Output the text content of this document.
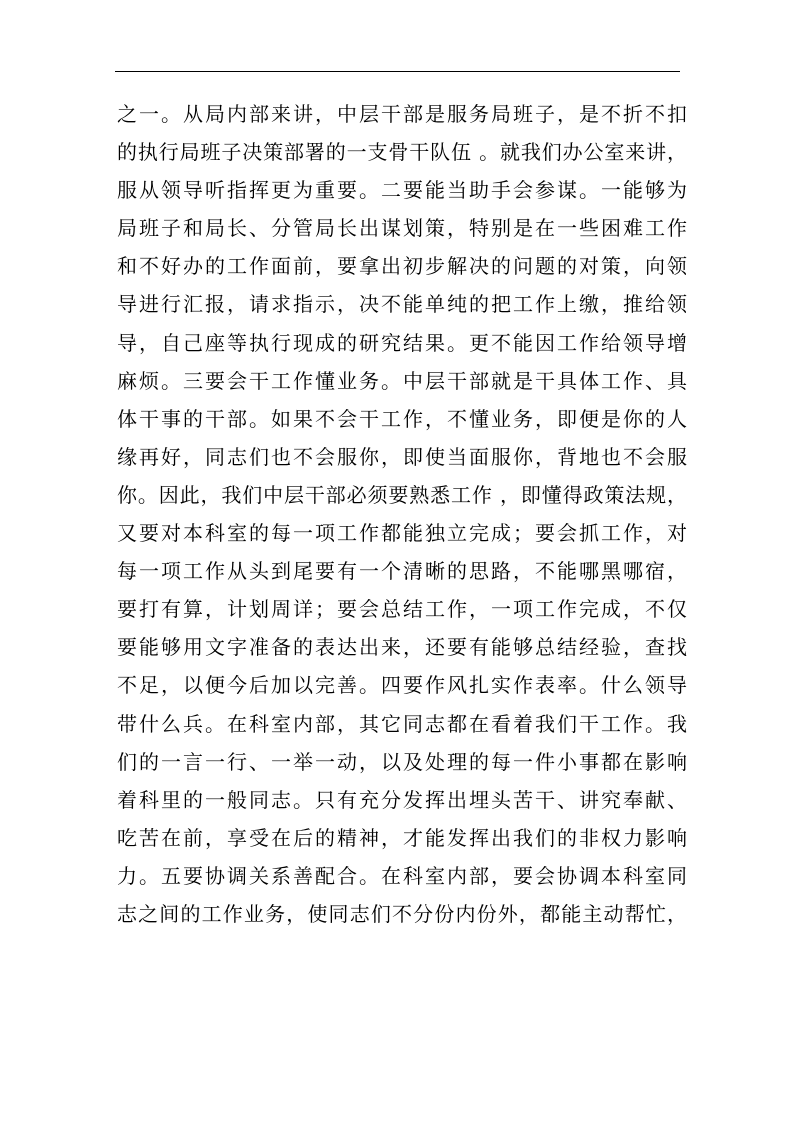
之一。从局内部来讲，中层干部是服务局班子，是不折不扣
的执行局班子决策部署的一支骨干队伍 。就我们办公室来讲，
服从领导听指挥更为重要。二要能当助手会参谋。一能够为
局班子和局长、分管局长出谋划策，特别是在一些困难工作
和不好办的工作面前，要拿出初步解决的问题的对策，向领
导进行汇报，请求指示，决不能单纯的把工作上缴，推给领
导，自己座等执行现成的研究结果。更不能因工作给领导增
麻烦。三要会干工作懂业务。中层干部就是干具体工作、具
体干事的干部。如果不会干工作，不懂业务，即便是你的人
缘再好，同志们也不会服你，即使当面服你，背地也不会服
你。因此，我们中层干部必须要熟悉工作 ，即懂得政策法规，
又要对本科室的每一项工作都能独立完成；要会抓工作，对
每一项工作从头到尾要有一个清晰的思路，不能哪黑哪宿，
要打有算，计划周详；要会总结工作，一项工作完成，不仅
要能够用文字准备的表达出来，还要有能够总结经验，查找
不足，以便今后加以完善。四要作风扎实作表率。什么领导
带什么兵。在科室内部，其它同志都在看着我们干工作。我
们的一言一行、一举一动，以及处理的每一件小事都在影响
着科里的一般同志。只有充分发挥出埋头苦干、讲究奉献、
吃苦在前，享受在后的精神，才能发挥出我们的非权力影响
力。五要协调关系善配合。在科室内部，要会协调本科室同
志之间的工作业务，使同志们不分份内份外，都能主动帮忙，
